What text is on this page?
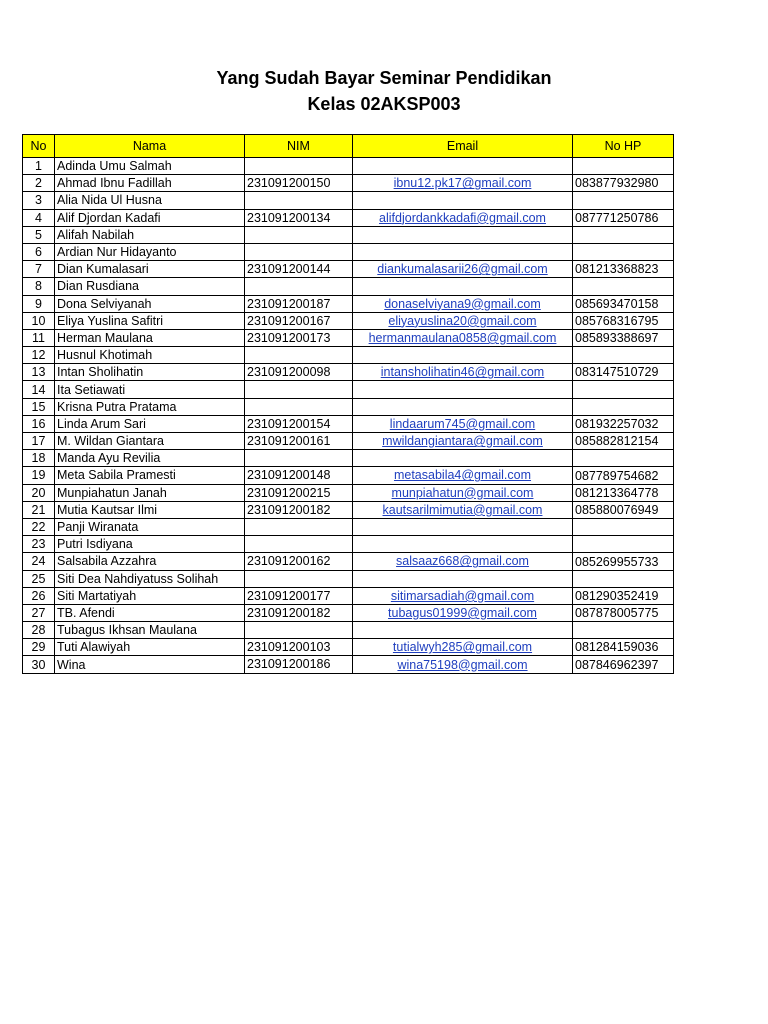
Yang Sudah Bayar Seminar Pendidikan
Kelas 02AKSP003
No	Nama	NIM	Email	No HP
1	Adinda Umu Salmah			
2	Ahmad Ibnu Fadillah	231091200150	ibnu12.pk17@gmail.com	083877932980
3	Alia Nida Ul Husna			
4	Alif Djordan Kadafi	231091200134	alifdjordankkadafi@gmail.com	087771250786
5	Alifah Nabilah			
6	Ardian Nur Hidayanto			
7	Dian Kumalasari	231091200144	diankumalasarii26@gmail.com	081213368823
8	Dian Rusdiana			
9	Dona Selviyanah	231091200187	donaselviyana9@gmail.com	085693470158
10	Eliya Yuslina Safitri	231091200167	eliyayuslina20@gmail.com	085768316795
11	Herman Maulana	231091200173	hermanmaulana0858@gmail.com	085893388697
12	Husnul Khotimah			
13	Intan Sholihatin	231091200098	intansholihatin46@gmail.com	083147510729
14	Ita Setiawati			
15	Krisna Putra Pratama			
16	Linda Arum Sari	231091200154	lindaarum745@gmail.com	081932257032
17	M. Wildan Giantara	231091200161	mwildangiantara@gmail.com	085882812154
18	Manda Ayu Revilia			
19	Meta Sabila Pramesti	231091200148	metasabila4@gmail.com	087789754682
20	Munpiahatun Janah	231091200215	munpiahatun@gmail.com	081213364778
21	Mutia Kautsar Ilmi	231091200182	kautsarilmimutia@gmail.com	085880076949
22	Panji Wiranata			
23	Putri Isdiyana			
24	Salsabila Azzahra	231091200162	salsaaz668@gmail.com	085269955733
25	Siti Dea Nahdiyatuss Solihah			
26	Siti Martatiyah	231091200177	sitimarsadiah@gmail.com	081290352419
27	TB. Afendi	231091200182	tubagus01999@gmail.com	087878005775
28	Tubagus Ikhsan Maulana			
29	Tuti Alawiyah	231091200103	tutialwyh285@gmail.com	081284159036
30	Wina	231091200186	wina75198@gmail.com	087846962397
